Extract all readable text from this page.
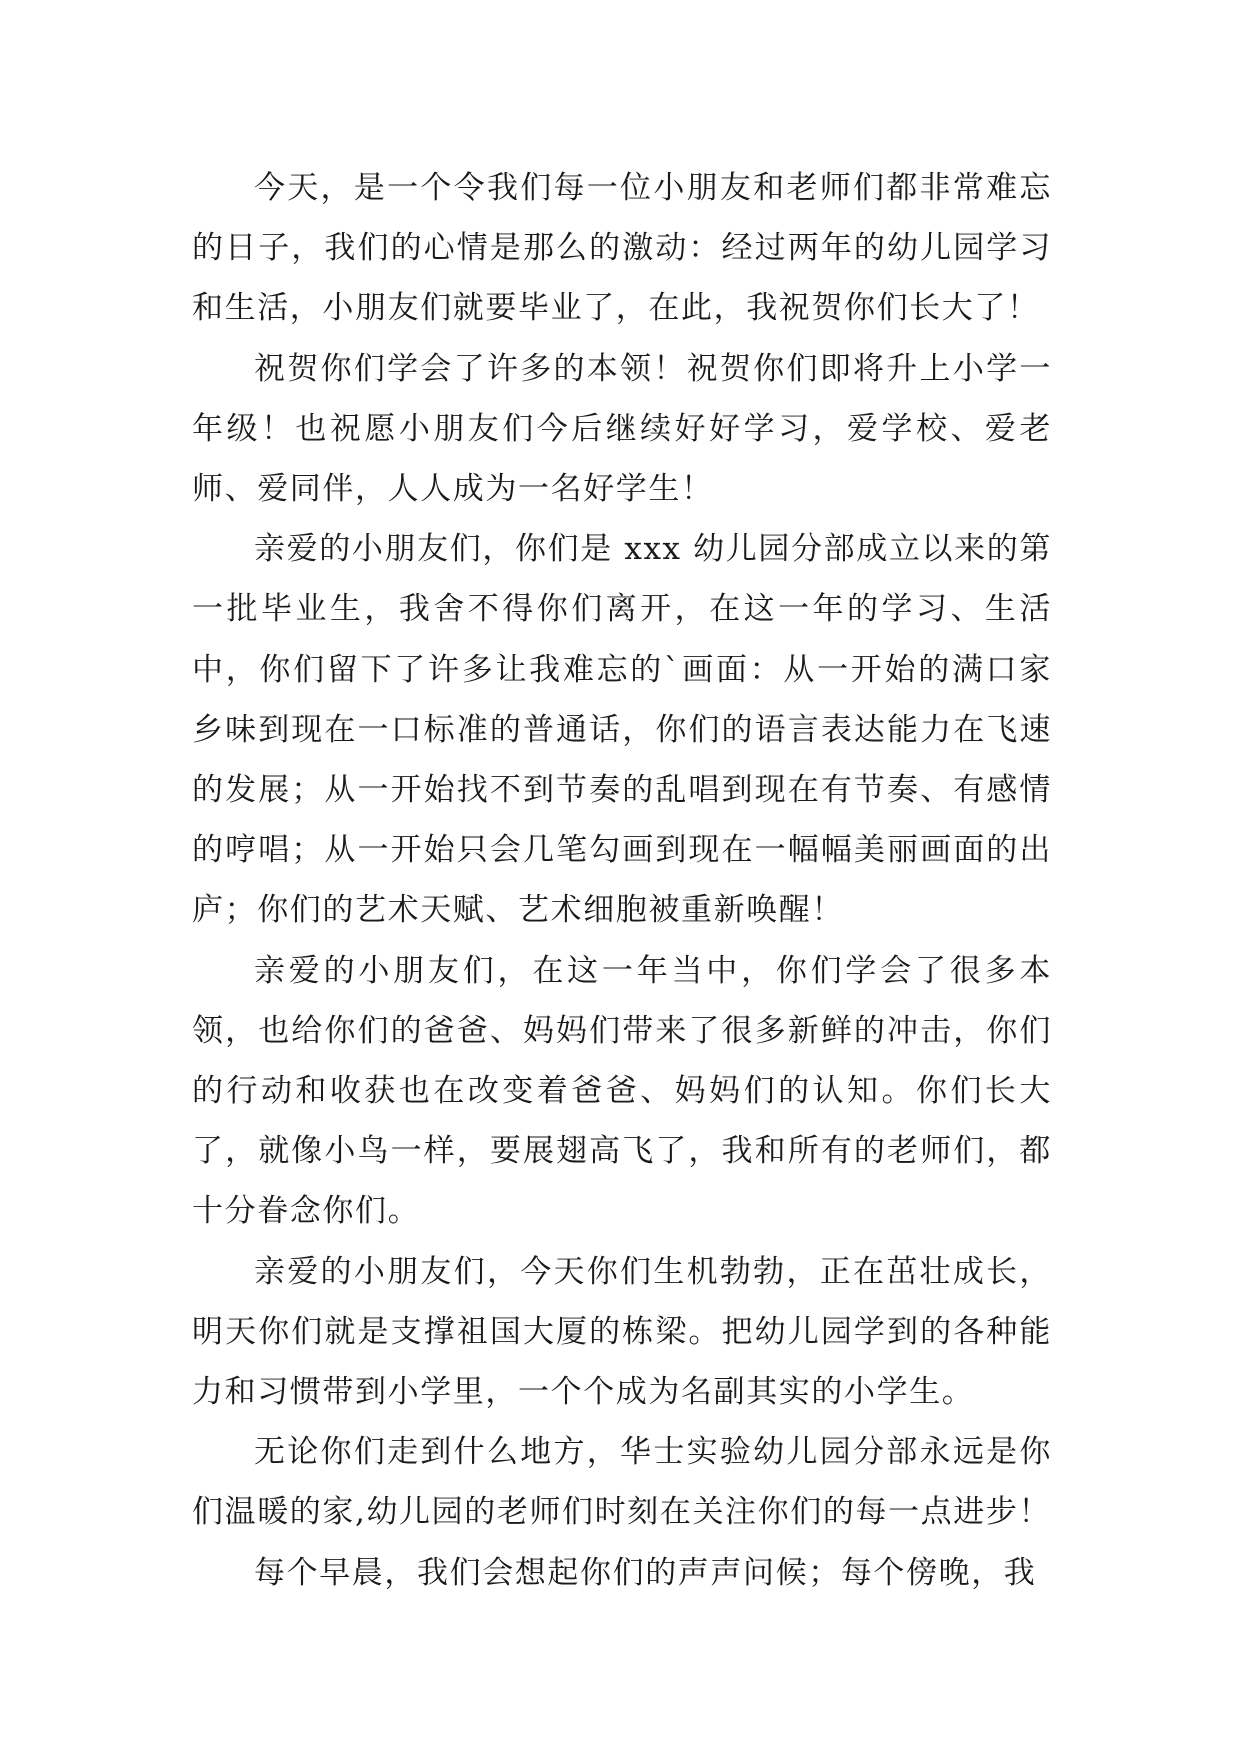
今天，是一个令我们每一位小朋友和老师们都非常难忘的日子，我们的心情是那么的激动：经过两年的幼儿园学习和生活，小朋友们就要毕业了，在此，我祝贺你们长大了！

祝贺你们学会了许多的本领！祝贺你们即将升上小学一年级！也祝愿小朋友们今后继续好好学习，爱学校、爱老师、爱同伴，人人成为一名好学生！

亲爱的小朋友们，你们是 xxx 幼儿园分部成立以来的第一批毕业生，我舍不得你们离开，在这一年的学习、生活中，你们留下了许多让我难忘的`画面：从一开始的满口家乡味到现在一口标准的普通话，你们的语言表达能力在飞速的发展；从一开始找不到节奏的乱唱到现在有节奏、有感情的哼唱；从一开始只会几笔勾画到现在一幅幅美丽画面的出庐；你们的艺术天赋、艺术细胞被重新唤醒！

亲爱的小朋友们，在这一年当中，你们学会了很多本领，也给你们的爸爸、妈妈们带来了很多新鲜的冲击，你们的行动和收获也在改变着爸爸、妈妈们的认知。你们长大了，就像小鸟一样，要展翅高飞了，我和所有的老师们，都十分眷念你们。

亲爱的小朋友们，今天你们生机勃勃，正在茁壮成长，明天你们就是支撑祖国大厦的栋梁。把幼儿园学到的各种能力和习惯带到小学里，一个个成为名副其实的小学生。

无论你们走到什么地方，华士实验幼儿园分部永远是你们温暖的家,幼儿园的老师们时刻在关注你们的每一点进步！

每个早晨，我们会想起你们的声声问候；每个傍晚，我
